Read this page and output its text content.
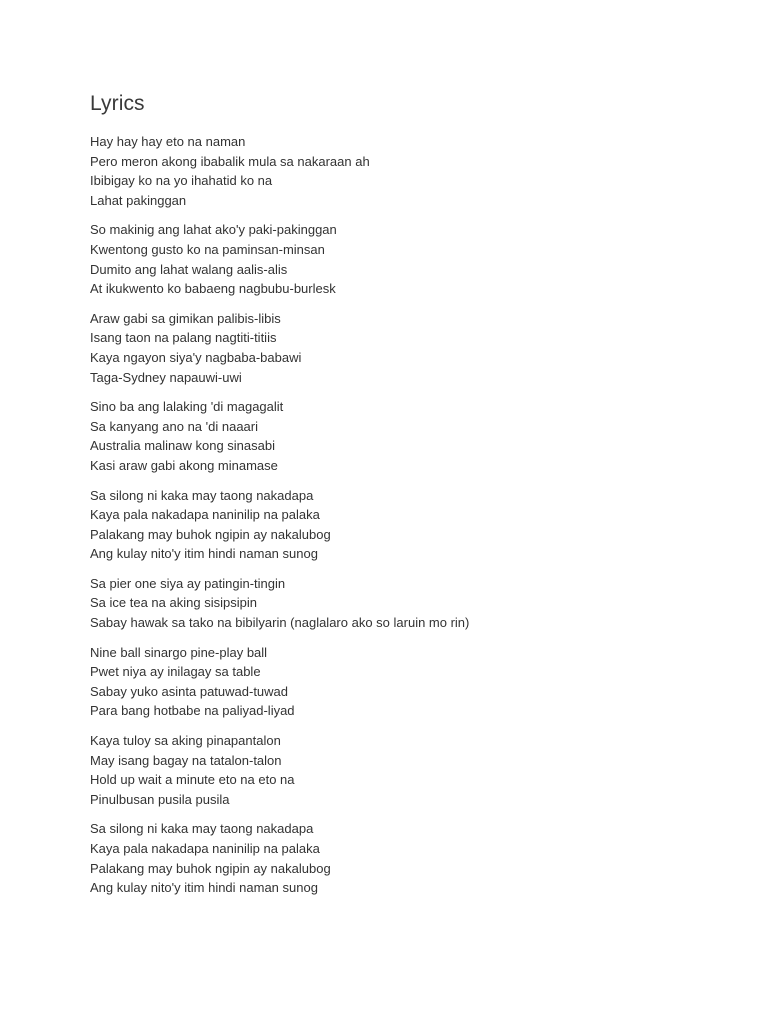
Lyrics
Hay hay hay eto na naman
Pero meron akong ibabalik mula sa nakaraan ah
Ibibigay ko na yo ihahatid ko na
Lahat pakinggan
So makinig ang lahat ako'y paki-pakinggan
Kwentong gusto ko na paminsan-minsan
Dumito ang lahat walang aalis-alis
At ikukwento ko babaeng nagbubu-burlesk
Araw gabi sa gimikan palibis-libis
Isang taon na palang nagtiti-titiis
Kaya ngayon siya'y nagbaba-babawi
Taga-Sydney napauwi-uwi
Sino ba ang lalaking 'di magagalit
Sa kanyang ano na 'di naaari
Australia malinaw kong sinasabi
Kasi araw gabi akong minamase
Sa silong ni kaka may taong nakadapa
Kaya pala nakadapa naninilip na palaka
Palakang may buhok ngipin ay nakalubog
Ang kulay nito'y itim hindi naman sunog
Sa pier one siya ay patingin-tingin
Sa ice tea na aking sisipsipin
Sabay hawak sa tako na bibilyarin (naglalaro ako so laruin mo rin)
Nine ball sinargo pine-play ball
Pwet niya ay inilagay sa table
Sabay yuko asinta patuwad-tuwad
Para bang hotbabe na paliyad-liyad
Kaya tuloy sa aking pinapantalon
May isang bagay na tatalon-talon
Hold up wait a minute eto na eto na
Pinulbusan pusila pusila
Sa silong ni kaka may taong nakadapa
Kaya pala nakadapa naninilip na palaka
Palakang may buhok ngipin ay nakalubog
Ang kulay nito'y itim hindi naman sunog
